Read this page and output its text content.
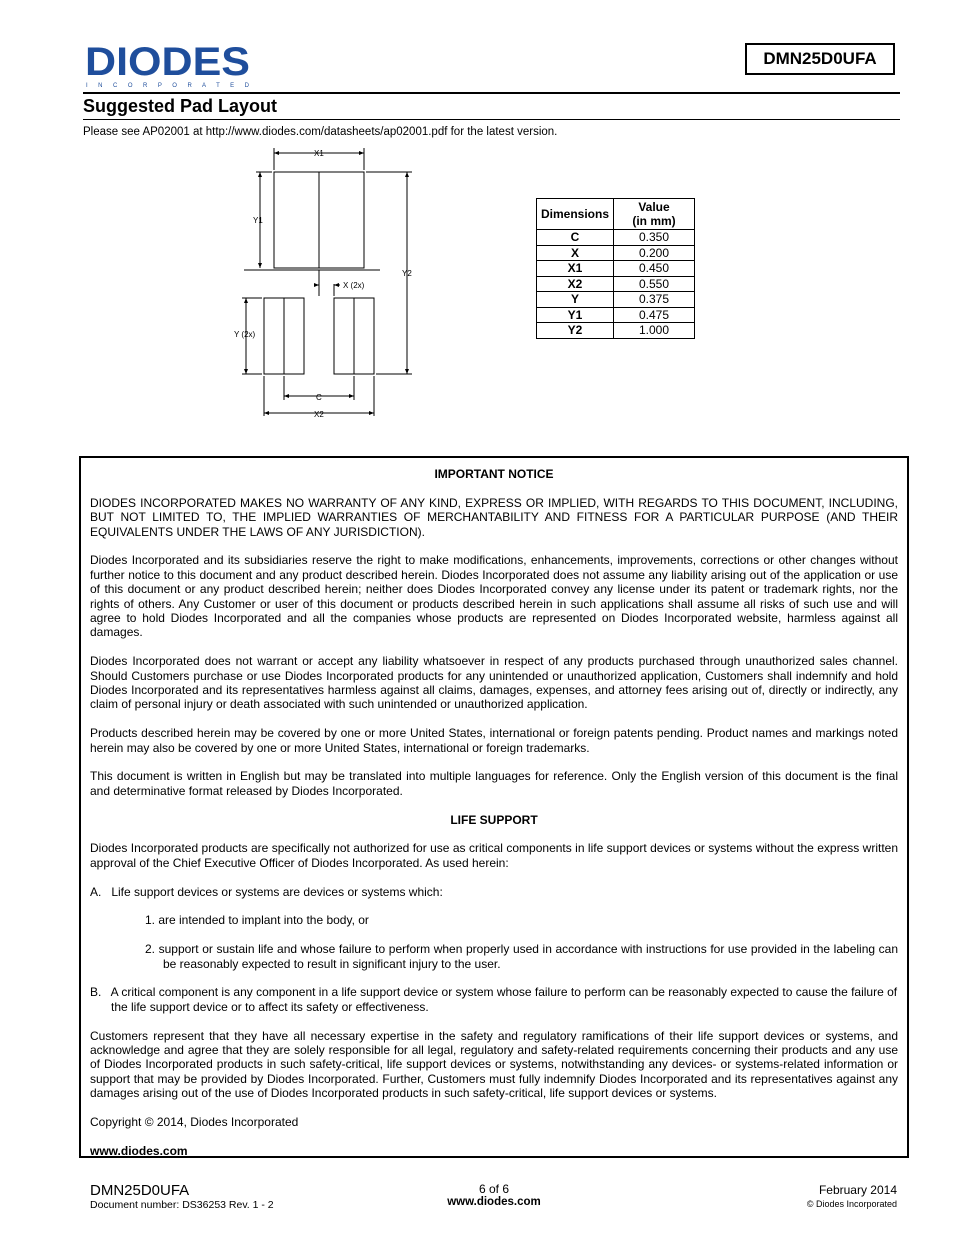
DIODES
I N C O R P O R A T E D
DMN25D0UFA
Suggested Pad Layout
Please see AP02001 at http://www.diodes.com/datasheets/ap02001.pdf for the latest version.
X1
Y1
Y2
X (2x)
Y (2x)
C
X2
Dimensions	Value
(in mm)

C	0.350
X	0.200
X1	0.450
X2	0.550
Y	0.375
Y1	0.475
Y2	1.000

IMPORTANT NOTICE

DIODES INCORPORATED MAKES NO WARRANTY OF ANY KIND, EXPRESS OR IMPLIED, WITH REGARDS TO THIS DOCUMENT, INCLUDING, BUT NOT LIMITED TO, THE IMPLIED WARRANTIES OF MERCHANTABILITY AND FITNESS FOR A PARTICULAR PURPOSE (AND THEIR EQUIVALENTS UNDER THE LAWS OF ANY JURISDICTION).

Diodes Incorporated and its subsidiaries reserve the right to make modifications, enhancements, improvements, corrections or other changes without further notice to this document and any product described herein. Diodes Incorporated does not assume any liability arising out of the application or use of this document or any product described herein; neither does Diodes Incorporated convey any license under its patent or trademark rights, nor the rights of others. Any Customer or user of this document or products described herein in such applications shall assume all risks of such use and will agree to hold Diodes Incorporated and all the companies whose products are represented on Diodes Incorporated website, harmless against all damages.

Diodes Incorporated does not warrant or accept any liability whatsoever in respect of any products purchased through unauthorized sales channel. Should Customers purchase or use Diodes Incorporated products for any unintended or unauthorized application, Customers shall indemnify and hold Diodes Incorporated and its representatives harmless against all claims, damages, expenses, and attorney fees arising out of, directly or indirectly, any claim of personal injury or death associated with such unintended or unauthorized application.

Products described herein may be covered by one or more United States, international or foreign patents pending. Product names and markings noted herein may also be covered by one or more United States, international or foreign trademarks.

This document is written in English but may be translated into multiple languages for reference. Only the English version of this document is the final and determinative format released by Diodes Incorporated.

LIFE SUPPORT

Diodes Incorporated products are specifically not authorized for use as critical components in life support devices or systems without the express written approval of the Chief Executive Officer of Diodes Incorporated. As used herein:

A.   Life support devices or systems are devices or systems which:

1. are intended to implant into the body, or

2. support or sustain life and whose failure to perform when properly used in accordance with instructions for use provided in the labeling can be reasonably expected to result in significant injury to the user.

B.   A critical component is any component in a life support device or system whose failure to perform can be reasonably expected to cause the failure of the life support device or to affect its safety or effectiveness.

Customers represent that they have all necessary expertise in the safety and regulatory ramifications of their life support devices or systems, and acknowledge and agree that they are solely responsible for all legal, regulatory and safety-related requirements concerning their products and any use of Diodes Incorporated products in such safety-critical, life support devices or systems, notwithstanding any devices- or systems-related information or support that may be provided by Diodes Incorporated. Further, Customers must fully indemnify Diodes Incorporated and its representatives against any damages arising out of the use of Diodes Incorporated products in such safety-critical, life support devices or systems.

Copyright © 2014, Diodes Incorporated

www.diodes.com

DMN25D0UFA
Document number: DS36253 Rev. 1 - 2
6 of 6
www.diodes.com
February 2014
© Diodes Incorporated
